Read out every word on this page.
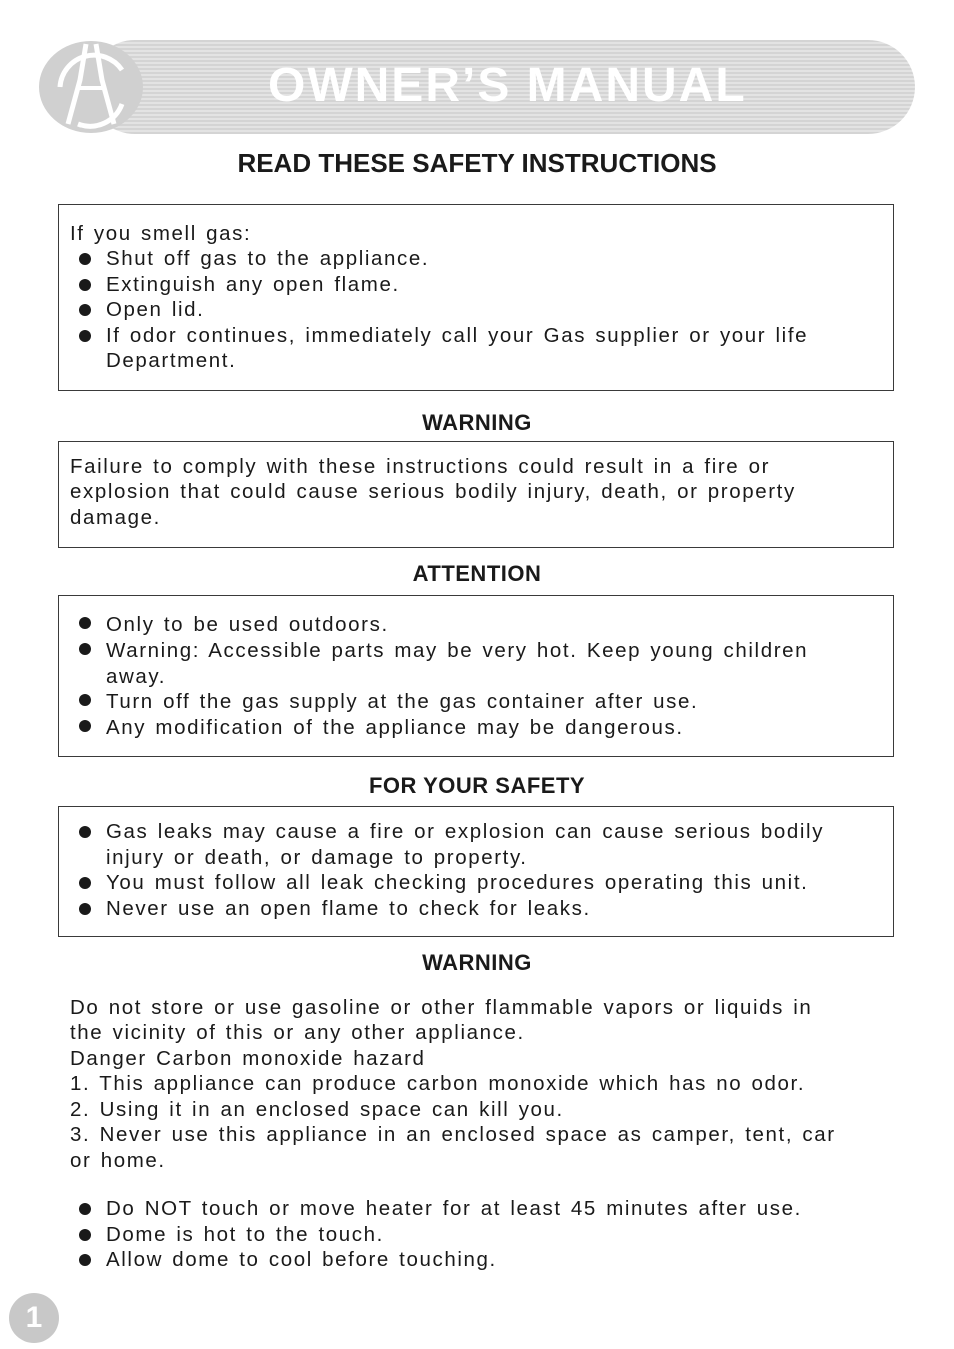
OWNER’S MANUAL
READ THESE SAFETY INSTRUCTIONS
If you smell gas:
Shut off gas to the appliance.
Extinguish any open flame.
Open lid.
If odor continues, immediately call your Gas supplier or your life
Department.
WARNING
Failure to comply with these instructions could result in a fire or
explosion that could cause serious bodily injury, death, or property
damage.
ATTENTION
Only to be used outdoors.
Warning: Accessible parts may be very hot. Keep young children
away.
Turn off the gas supply at the gas container after use.
Any modification of the appliance may be dangerous.
FOR YOUR SAFETY
Gas leaks may cause a fire or explosion can cause serious bodily
injury or death, or damage to property.
You must follow all leak checking procedures operating this unit.
Never use an open flame to check for leaks.
WARNING
Do not store or use gasoline or other flammable vapors or liquids in
the vicinity of this or any other appliance.
Danger Carbon monoxide hazard
1. This appliance can produce carbon monoxide which has no odor.
2. Using it in an enclosed space can kill you.
3. Never use this appliance in an enclosed space as camper, tent, car
or home.
Do NOT touch or move heater for at least 45 minutes after use.
Dome is hot to the touch.
Allow dome to cool before touching.
1
